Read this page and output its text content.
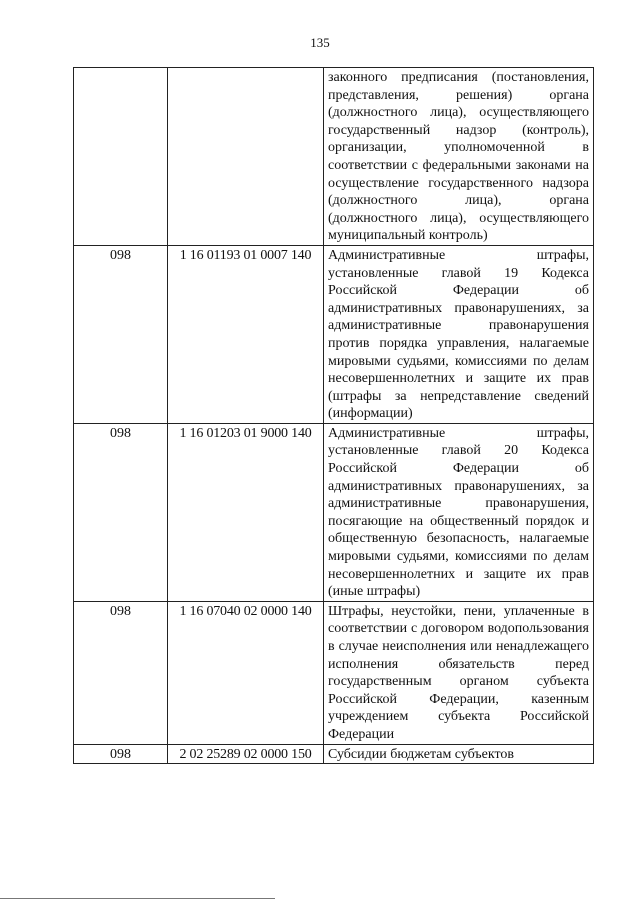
135
		законного предписания (постановления, представления, решения) органа (должностного лица), осуществляющего государственный надзор (контроль), организации, уполномоченной в соответствии с федеральными законами на осуществление государственного надзора (должностного лица), органа (должностного лица), осуществляющего муниципальный контроль)
098	1 16 01193 01 0007 140	Административные штрафы, установленные главой 19 Кодекса Российской Федерации об административных правонарушениях, за административные правонарушения против порядка управления, налагаемые мировыми судьями, комиссиями по делам несовершеннолетних и защите их прав (штрафы за непредставление сведений (информации)
098	1 16 01203 01 9000 140	Административные штрафы, установленные главой 20 Кодекса Российской Федерации об административных правонарушениях, за административные правонарушения, посягающие на общественный порядок и общественную безопасность, налагаемые мировыми судьями, комиссиями по делам несовершеннолетних и защите их прав (иные штрафы)
098	1 16 07040 02 0000 140	Штрафы, неустойки, пени, уплаченные в соответствии с договором водопользования в случае неисполнения или ненадлежащего исполнения обязательств перед государственным органом субъекта Российской Федерации, казенным учреждением субъекта Российской Федерации
098	2 02 25289 02 0000 150	Субсидии бюджетам субъектов
